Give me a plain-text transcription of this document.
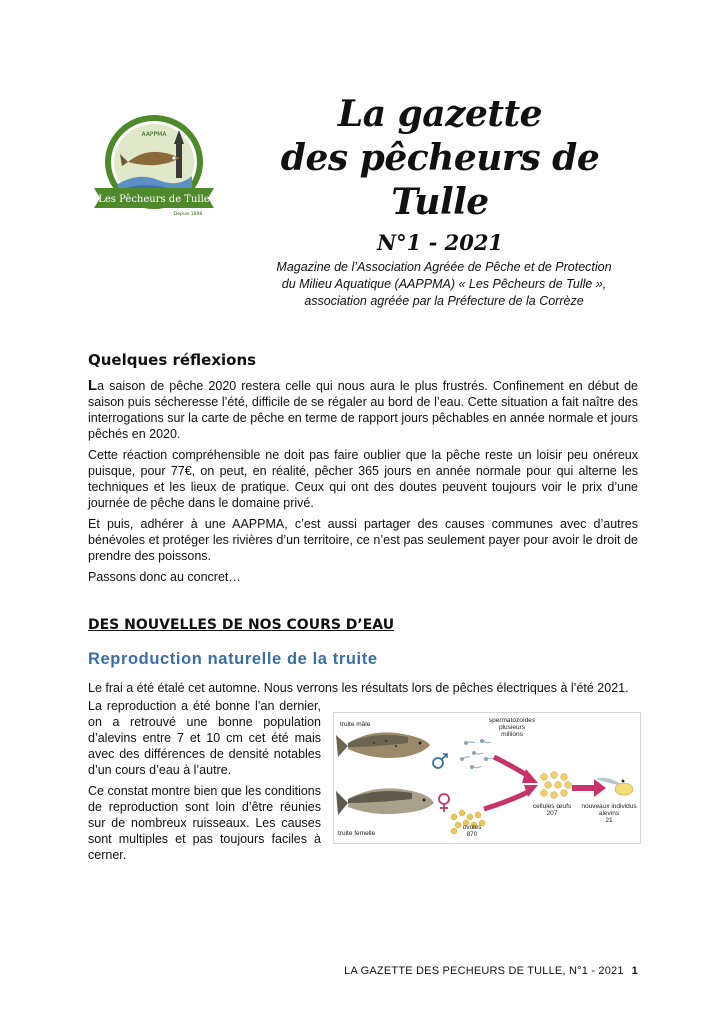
AAPPMA
Les Pêcheurs de Tulle
Depuis 1898
La gazette
des pêcheurs de Tulle
N°1 - 2021
Magazine de l’Association Agréée de Pêche et de Protection
du Milieu Aquatique (AAPPMA) « Les Pêcheurs de Tulle »,
association agréée par la Préfecture de la Corrèze
Quelques réflexions

La saison de pêche 2020 restera celle qui nous aura le plus frustrés. Confinement en début de saison puis sécheresse l’été, difficile de se régaler au bord de l’eau. Cette situation a fait naître des interrogations sur la carte de pêche en terme de rapport jours pêchables en année normale et jours pêchés en 2020.

Cette réaction compréhensible ne doit pas faire oublier que la pêche reste un loisir peu onéreux puisque, pour 77€, on peut, en réalité, pêcher 365 jours en année normale pour qui alterne les techniques et les lieux de pratique. Ceux qui ont des doutes peuvent toujours voir le prix d’une journée de pêche dans le domaine privé.

Et puis, adhérer à une AAPPMA, c’est aussi partager des causes communes avec d’autres bénévoles et protéger les rivières d’un territoire, ce n’est pas seulement payer pour avoir le droit de prendre des poissons.

Passons donc au concret…

DES NOUVELLES DE NOS COURS D’EAU
Reproduction naturelle de la truite
Le frai a été étalé cet automne. Nous verrons les résultats lors de pêches électriques à l’été 2021.

La reproduction a été bonne l’an dernier, on a retrouvé une bonne population d’alevins entre 7 et 10 cm cet été mais avec des différences de densité notables d’un cours d’eau à l’autre.

Ce constat montre bien que les conditions de reproduction sont loin d’être réunies sur de nombreux ruisseaux. Les causes sont multiples et pas toujours faciles à cerner.

truite mâle
truite femelle
spermatozoïdes
plusieurs
millions
cellules œufs
207
ovules
870
nouveaux individus
alevins
21
LA GAZETTE DES PECHEURS DE TULLE, N°1 - 2021 1
